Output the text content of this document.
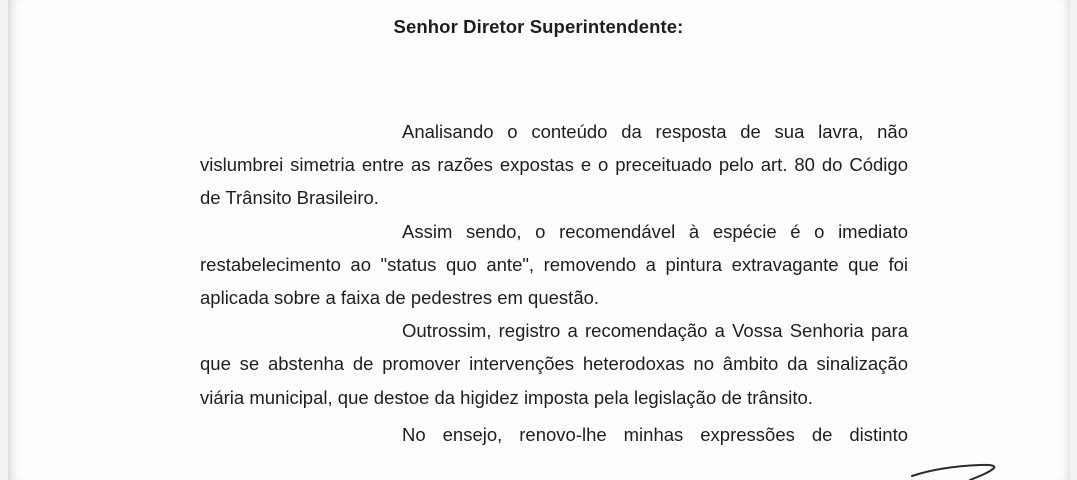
Senhor Diretor Superintendente:

Analisando o conteúdo da resposta de sua lavra, não vislumbrei simetria entre as razões expostas e o preceituado pelo art. 80 do Código de Trânsito Brasileiro.

Assim sendo, o recomendável à espécie é o imediato restabelecimento ao "status quo ante", removendo a pintura extravagante que foi aplicada sobre a faixa de pedestres em questão.

Outrossim, registro a recomendação a Vossa Senhoria para que se abstenha de promover intervenções heterodoxas no âmbito da sinalização viária municipal, que destoe da higidez imposta pela legislação de trânsito.

No ensejo, renovo-lhe minhas expressões de distinto
